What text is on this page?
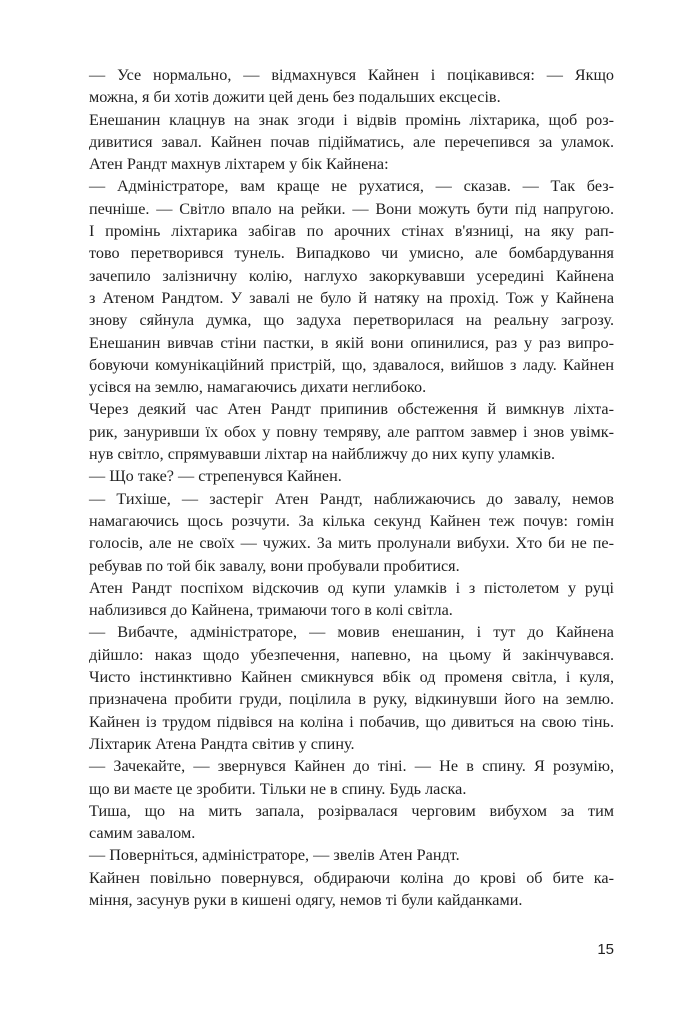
— Усе нормально, — відмахнувся Кайнен і поцікавився: — Якщо
можна, я би хотів дожити цей день без подальших ексцесів.
Енешанин клацнув на знак згоди і відвів промінь ліхтарика, щоб роз-
дивитися завал. Кайнен почав підійматись, але перечепився за уламок.
Атен Рандт махнув ліхтарем у бік Кайнена:
— Адміністраторе, вам краще не рухатися, — сказав. — Так без-
печніше. — Світло впало на рейки. — Вони можуть бути під напругою.
І промінь ліхтарика забігав по арочних стінах в'язниці, на яку рап-
тово перетворився тунель. Випадково чи умисно, але бомбардування
зачепило залізничну колію, наглухо закоркувавши усередині Кайнена
з Атеном Рандтом. У завалі не було й натяку на прохід. Тож у Кайнена
знову сяйнула думка, що задуха перетворилася на реальну загрозу.
Енешанин вивчав стіни пастки, в якій вони опинилися, раз у раз випро-
бовуючи комунікаційний пристрій, що, здавалося, вийшов з ладу. Кайнен
усівся на землю, намагаючись дихати неглибоко.
Через деякий час Атен Рандт припинив обстеження й вимкнув ліхта-
рик, зануривши їх обох у повну темряву, але раптом завмер і знов увімк-
нув світло, спрямувавши ліхтар на найближчу до них купу уламків.
— Що таке? — стрепенувся Кайнен.
— Тихіше, — застеріг Атен Рандт, наближаючись до завалу, немов
намагаючись щось розчути. За кілька секунд Кайнен теж почув: гомін
голосів, але не своїх — чужих. За мить пролунали вибухи. Хто би не пе-
ребував по той бік завалу, вони пробували пробитися.
Атен Рандт поспіхом відскочив од купи уламків і з пістолетом у руці
наблизився до Кайнена, тримаючи того в колі світла.
— Вибачте, адміністраторе, — мовив енешанин, і тут до Кайнена
дійшло: наказ щодо убезпечення, напевно, на цьому й закінчувався.
Чисто інстинктивно Кайнен смикнувся вбік од променя світла, і куля,
призначена пробити груди, поцілила в руку, відкинувши його на землю.
Кайнен із трудом підвівся на коліна і побачив, що дивиться на свою тінь.
Ліхтарик Атена Рандта світив у спину.
— Зачекайте, — звернувся Кайнен до тіні. — Не в спину. Я розумію,
що ви маєте це зробити. Тільки не в спину. Будь ласка.
Тиша, що на мить запала, розірвалася черговим вибухом за тим
самим завалом.
— Поверніться, адміністраторе, — звелів Атен Рандт.
Кайнен повільно повернувся, обдираючи коліна до крові об бите ка-
міння, засунув руки в кишені одягу, немов ті були кайданками.
15
